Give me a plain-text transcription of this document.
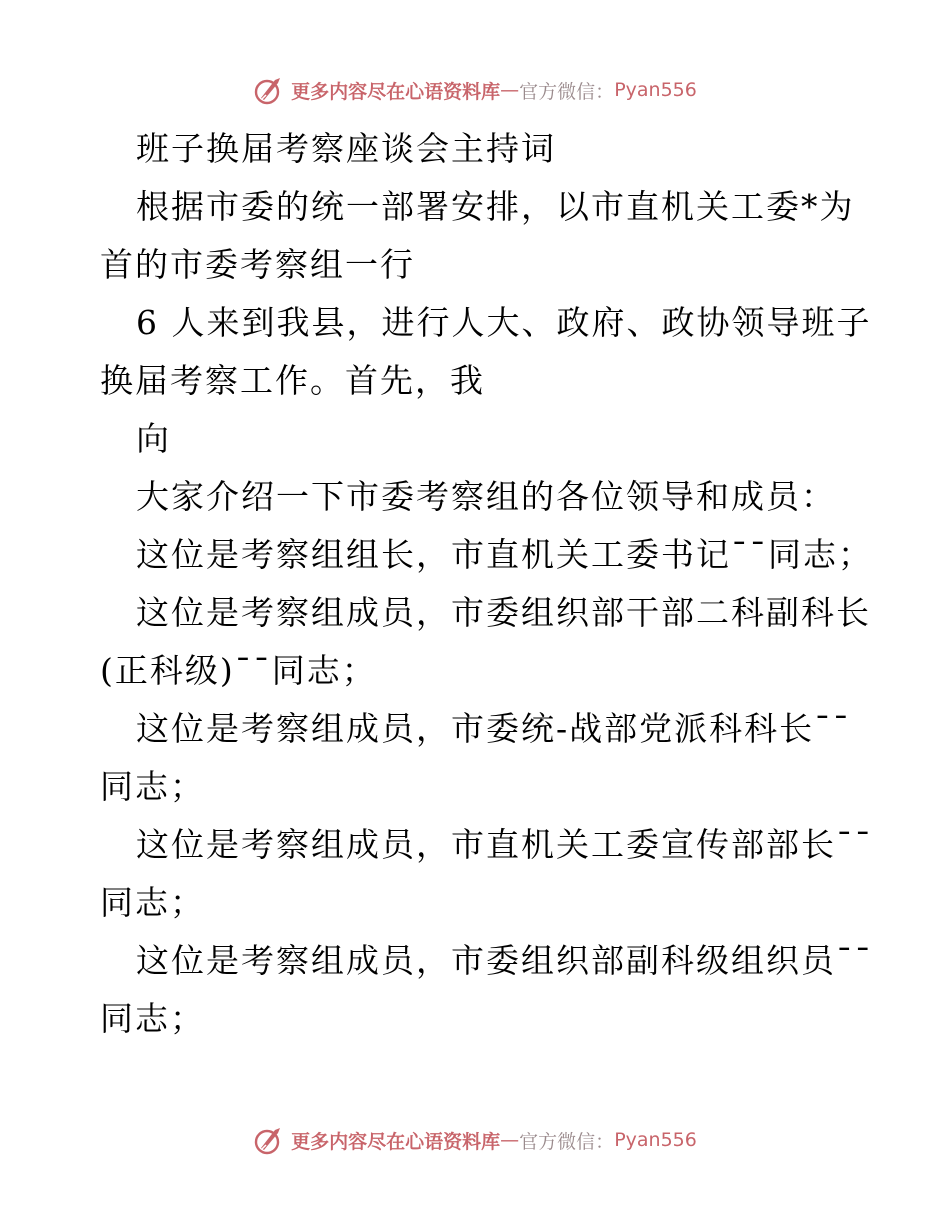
更多内容尽在心语资料库 — 官方微信： Pyan556
班子换届考察座谈会主持词
根据市委的统一部署安排，以市直机关工委*为
首的市委考察组一行
6 人来到我县，进行人大、政府、政协领导班子
换届考察工作。首先，我
向
大家介绍一下市委考察组的各位领导和成员：
这位是考察组组长，市直机关工委书记¯¯同志；
这位是考察组成员，市委组织部干部二科副科长
(正科级)¯¯同志；
这位是考察组成员，市委统-战部党派科科长¯¯
同志；
这位是考察组成员，市直机关工委宣传部部长¯¯
同志；
这位是考察组成员，市委组织部副科级组织员¯¯
同志；
更多内容尽在心语资料库 — 官方微信： Pyan556
